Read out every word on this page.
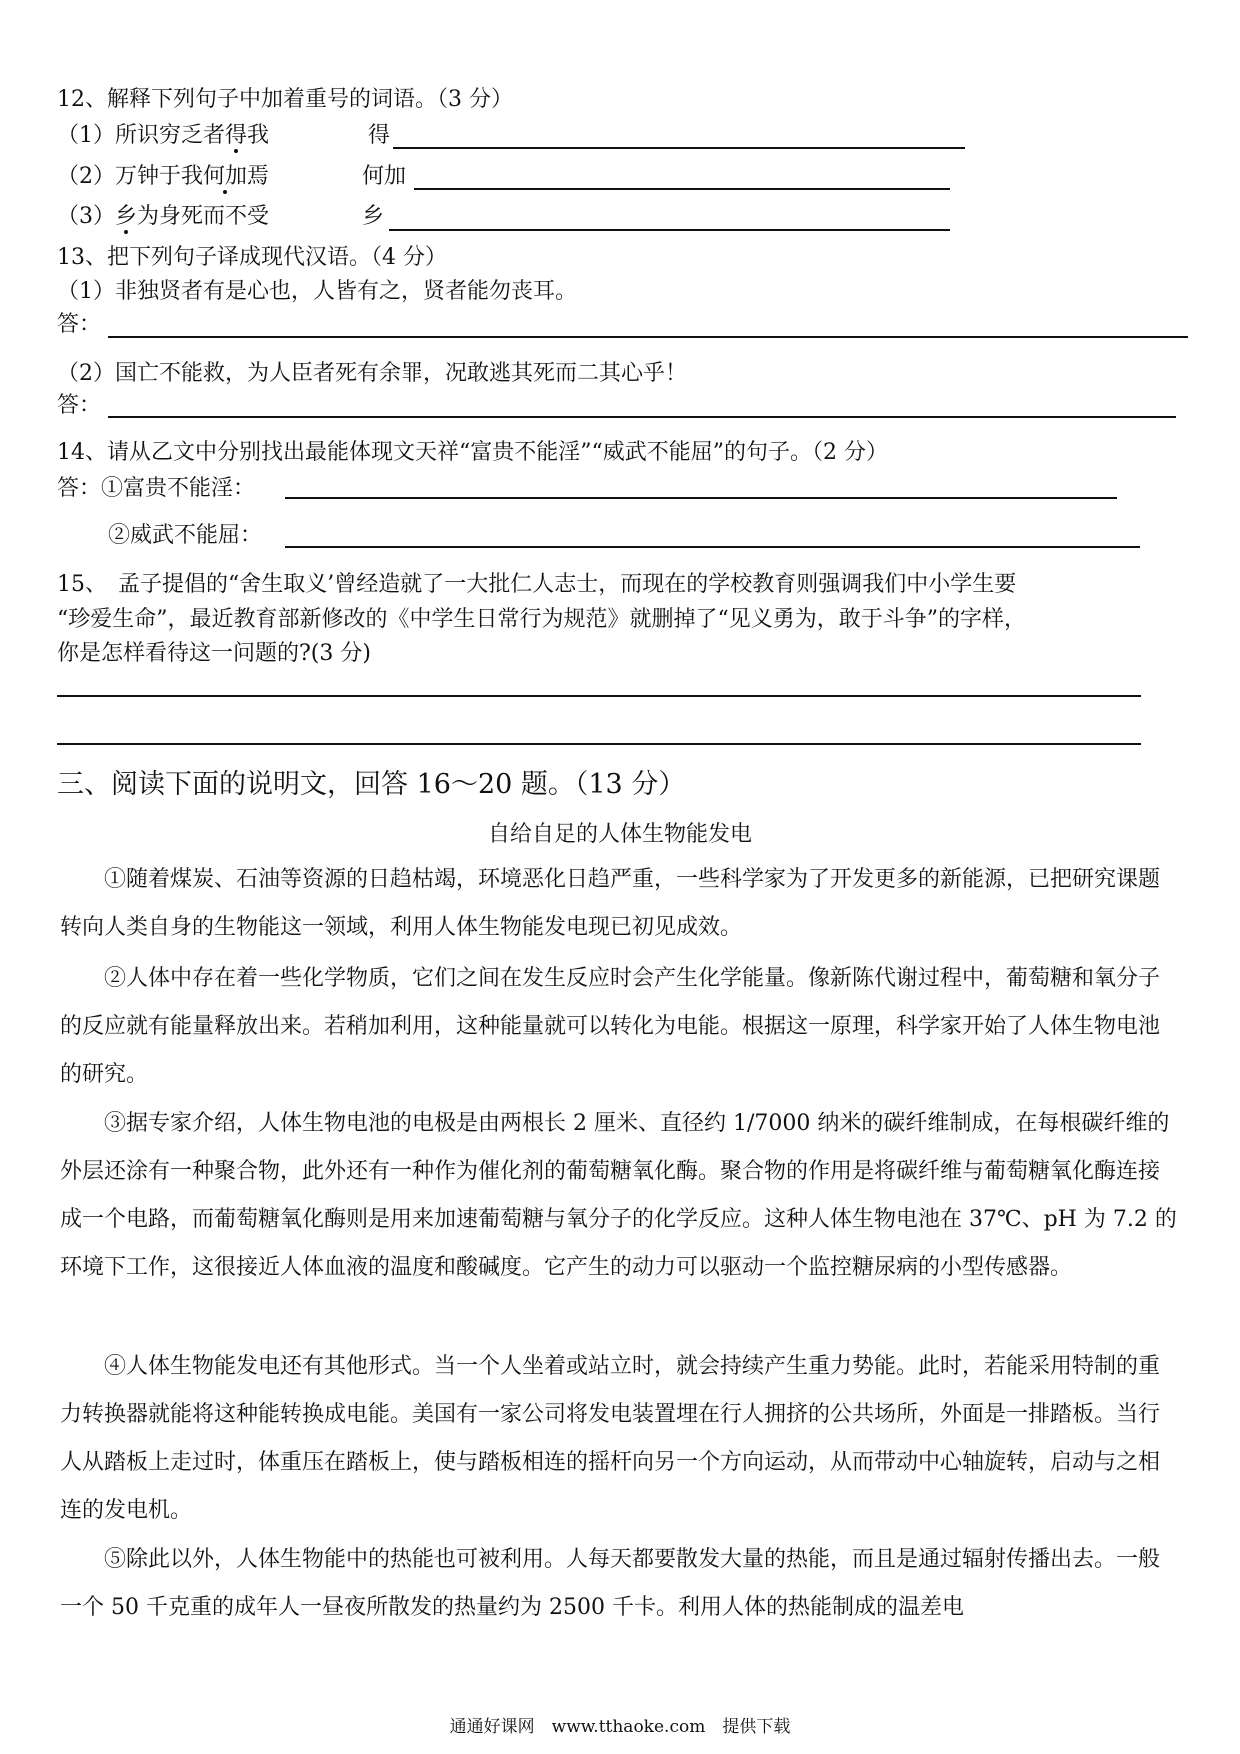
12、解释下列句子中加着重号的词语。（3 分）
（1）所识穷乏者得我	得
（2）万钟于我何加焉	何加
（3）乡为身死而不受	乡
13、把下列句子译成现代汉语。（4 分）
（1）非独贤者有是心也，人皆有之，贤者能勿丧耳。
答：
（2）国亡不能救，为人臣者死有余罪，况敢逃其死而二其心乎！
答：
14、请从乙文中分别找出最能体现文天祥“富贵不能淫”“威武不能屈”的句子。（2 分）
答：①富贵不能淫：
②威武不能屈：
15、　孟子提倡的“舍生取义’曾经造就了一大批仁人志士，而现在的学校教育则强调我们中小学生要
“珍爱生命”，最近教育部新修改的《中学生日常行为规范》就删掉了“见义勇为，敢于斗争”的字样，
你是怎样看待这一问题的?(3 分)
三、阅读下面的说明文，回答 16～20 题。（13 分）
自给自足的人体生物能发电
①随着煤炭、石油等资源的日趋枯竭，环境恶化日趋严重，一些科学家为了开发更多的新能源，已把研究课题转向人类自身的生物能这一领域，利用人体生物能发电现已初见成效。
②人体中存在着一些化学物质，它们之间在发生反应时会产生化学能量。像新陈代谢过程中，葡萄糖和氧分子的反应就有能量释放出来。若稍加利用，这种能量就可以转化为电能。根据这一原理，科学家开始了人体生物电池的研究。
③据专家介绍，人体生物电池的电极是由两根长 2 厘米、直径约 1/7000 纳米的碳纤维制成，在每根碳纤维的外层还涂有一种聚合物，此外还有一种作为催化剂的葡萄糖氧化酶。聚合物的作用是将碳纤维与葡萄糖氧化酶连接成一个电路，而葡萄糖氧化酶则是用来加速葡萄糖与氧分子的化学反应。这种人体生物电池在 37℃、pH 为 7.2 的环境下工作，这很接近人体血液的温度和酸碱度。它产生的动力可以驱动一个监控糖尿病的小型传感器。
④人体生物能发电还有其他形式。当一个人坐着或站立时，就会持续产生重力势能。此时，若能采用特制的重力转换器就能将这种能转换成电能。美国有一家公司将发电装置埋在行人拥挤的公共场所，外面是一排踏板。当行人从踏板上走过时，体重压在踏板上，使与踏板相连的摇杆向另一个方向运动，从而带动中心轴旋转，启动与之相连的发电机。
⑤除此以外，人体生物能中的热能也可被利用。人每天都要散发大量的热能，而且是通过辐射传播出去。一般一个 50 千克重的成年人一昼夜所散发的热量约为 2500 千卡。利用人体的热能制成的温差电
通通好课网　www.tthaoke.com　提供下载
